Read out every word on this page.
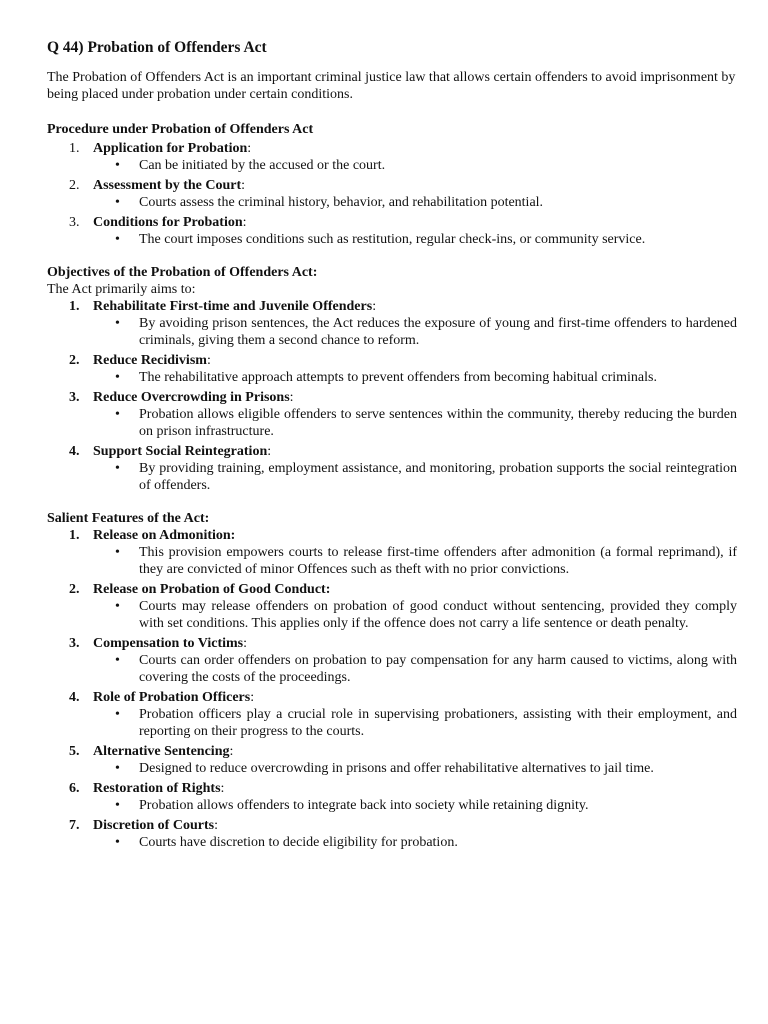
Q 44) Probation of Offenders Act

The Probation of Offenders Act is an important criminal justice law that allows certain offenders to avoid imprisonment by being placed under probation under certain conditions.

Procedure under Probation of Offenders Act

1. Application for Probation:
• Can be initiated by the accused or the court.
2. Assessment by the Court:
• Courts assess the criminal history, behavior, and rehabilitation potential.
3. Conditions for Probation:
• The court imposes conditions such as restitution, regular check-ins, or community service.

Objectives of the Probation of Offenders Act:

The Act primarily aims to:

1. Rehabilitate First-time and Juvenile Offenders:
• By avoiding prison sentences, the Act reduces the exposure of young and first-time offenders to hardened criminals, giving them a second chance to reform.
2. Reduce Recidivism:
• The rehabilitative approach attempts to prevent offenders from becoming habitual criminals.
3. Reduce Overcrowding in Prisons:
• Probation allows eligible offenders to serve sentences within the community, thereby reducing the burden on prison infrastructure.
4. Support Social Reintegration:
• By providing training, employment assistance, and monitoring, probation supports the social reintegration of offenders.

Salient Features of the Act:

1. Release on Admonition:
• This provision empowers courts to release first-time offenders after admonition (a formal reprimand), if they are convicted of minor Offences such as theft with no prior convictions.
2. Release on Probation of Good Conduct:
• Courts may release offenders on probation of good conduct without sentencing, provided they comply with set conditions. This applies only if the offence does not carry a life sentence or death penalty.
3. Compensation to Victims:
• Courts can order offenders on probation to pay compensation for any harm caused to victims, along with covering the costs of the proceedings.
4. Role of Probation Officers:
• Probation officers play a crucial role in supervising probationers, assisting with their employment, and reporting on their progress to the courts.
5. Alternative Sentencing:
• Designed to reduce overcrowding in prisons and offer rehabilitative alternatives to jail time.
6. Restoration of Rights:
• Probation allows offenders to integrate back into society while retaining dignity.
7. Discretion of Courts:
• Courts have discretion to decide eligibility for probation.
